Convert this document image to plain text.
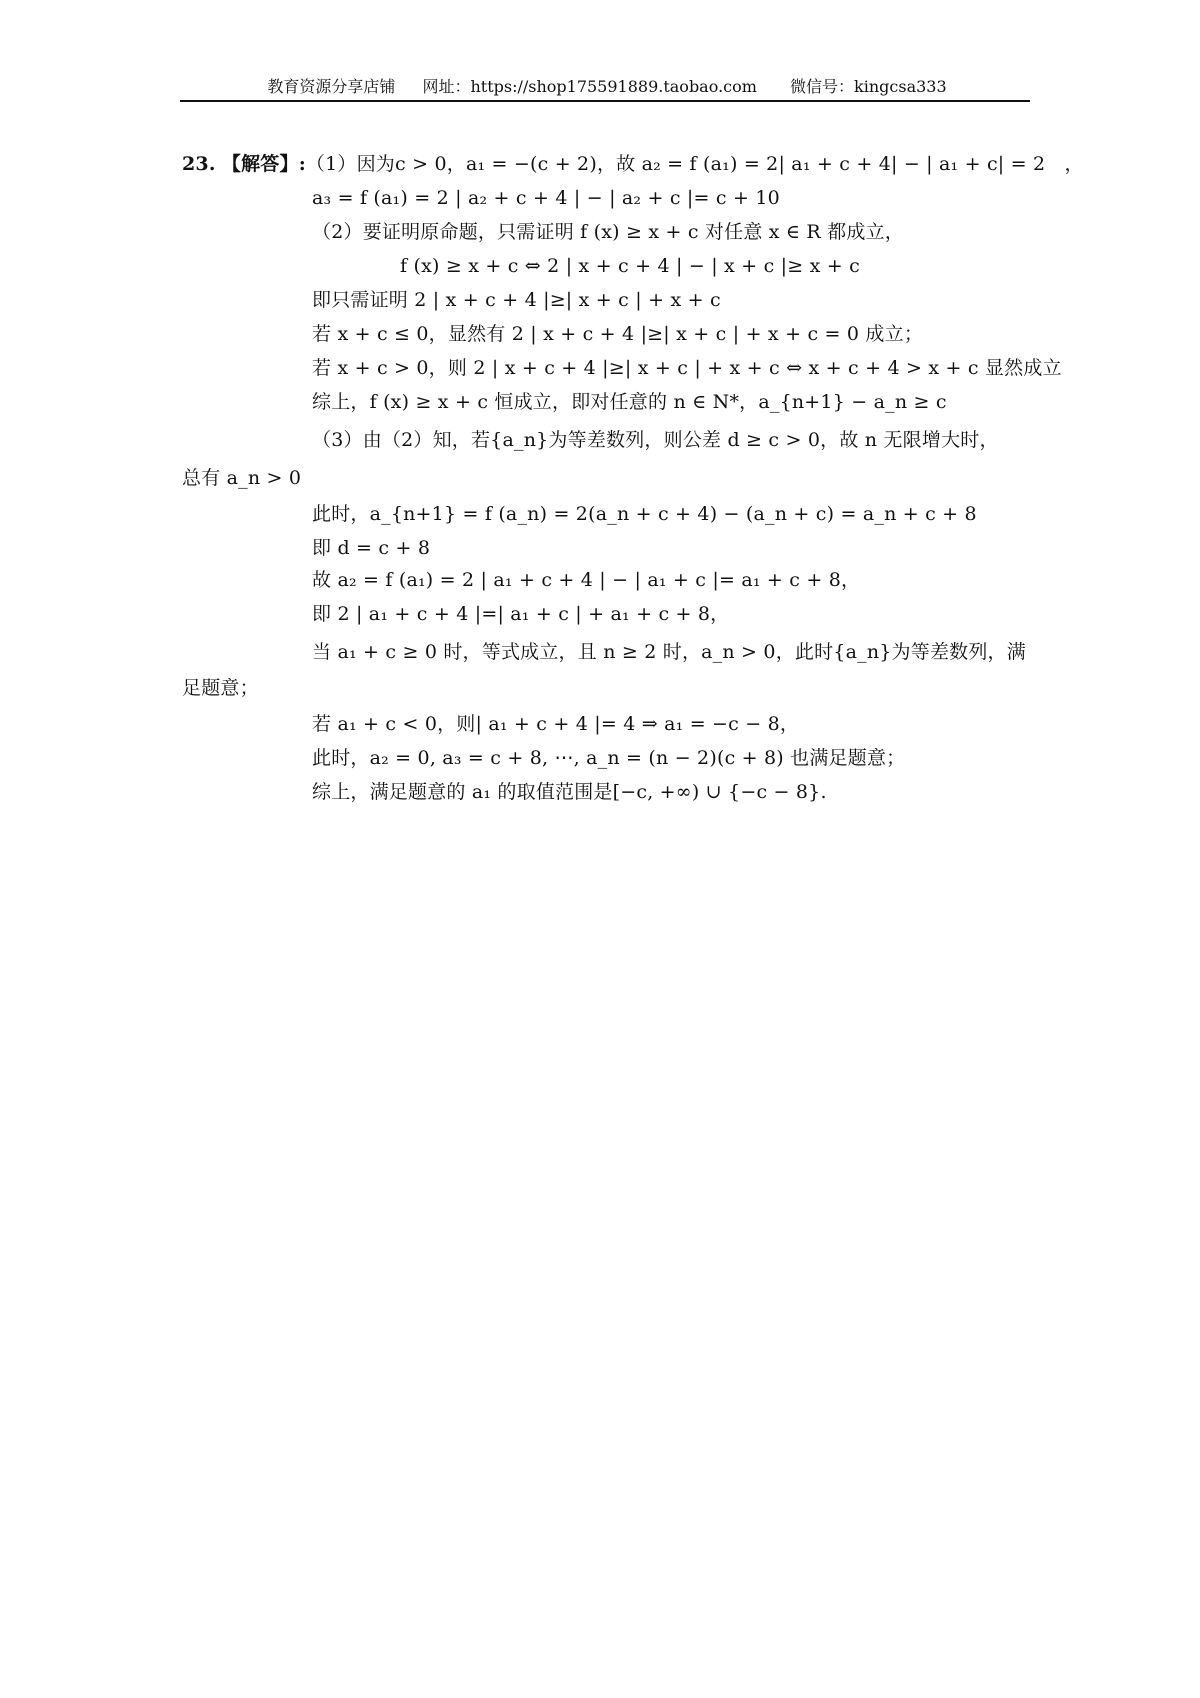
教育资源分享店铺 网址：https://shop175591889.taobao.com 微信号：kingcsa333
23. 【解答】:（1）因为c > 0，a₁ = −(c + 2)，故 a₂ = f (a₁) = 2| a₁ + c + 4| − | a₁ + c| = 2　，
a₃ = f (a₁) = 2 | a₂ + c + 4 | − | a₂ + c |= c + 10
（2）要证明原命题，只需证明 f (x) ≥ x + c 对任意 x ∈ R 都成立，
f (x) ≥ x + c ⇔ 2 | x + c + 4 | − | x + c |≥ x + c
即只需证明 2 | x + c + 4 |≥| x + c | + x + c
若 x + c ≤ 0，显然有 2 | x + c + 4 |≥| x + c | + x + c = 0 成立；
若 x + c > 0，则 2 | x + c + 4 |≥| x + c | + x + c ⇔ x + c + 4 > x + c 显然成立
综上，f (x) ≥ x + c 恒成立，即对任意的 n ∈ N*，a_{n+1} − a_n ≥ c
（3）由（2）知，若{a_n}为等差数列，则公差 d ≥ c > 0，故 n 无限增大时，
总有 a_n > 0
此时，a_{n+1} = f (a_n) = 2(a_n + c + 4) − (a_n + c) = a_n + c + 8
即 d = c + 8
故 a₂ = f (a₁) = 2 | a₁ + c + 4 | − | a₁ + c |= a₁ + c + 8，
即 2 | a₁ + c + 4 |=| a₁ + c | + a₁ + c + 8，
当 a₁ + c ≥ 0 时，等式成立，且 n ≥ 2 时，a_n > 0，此时{a_n}为等差数列，满
足题意；
若 a₁ + c < 0，则| a₁ + c + 4 |= 4 ⇒ a₁ = −c − 8，
此时，a₂ = 0, a₃ = c + 8, ⋯, a_n = (n − 2)(c + 8) 也满足题意；
综上，满足题意的 a₁ 的取值范围是[−c, +∞) ∪ {−c − 8}.
